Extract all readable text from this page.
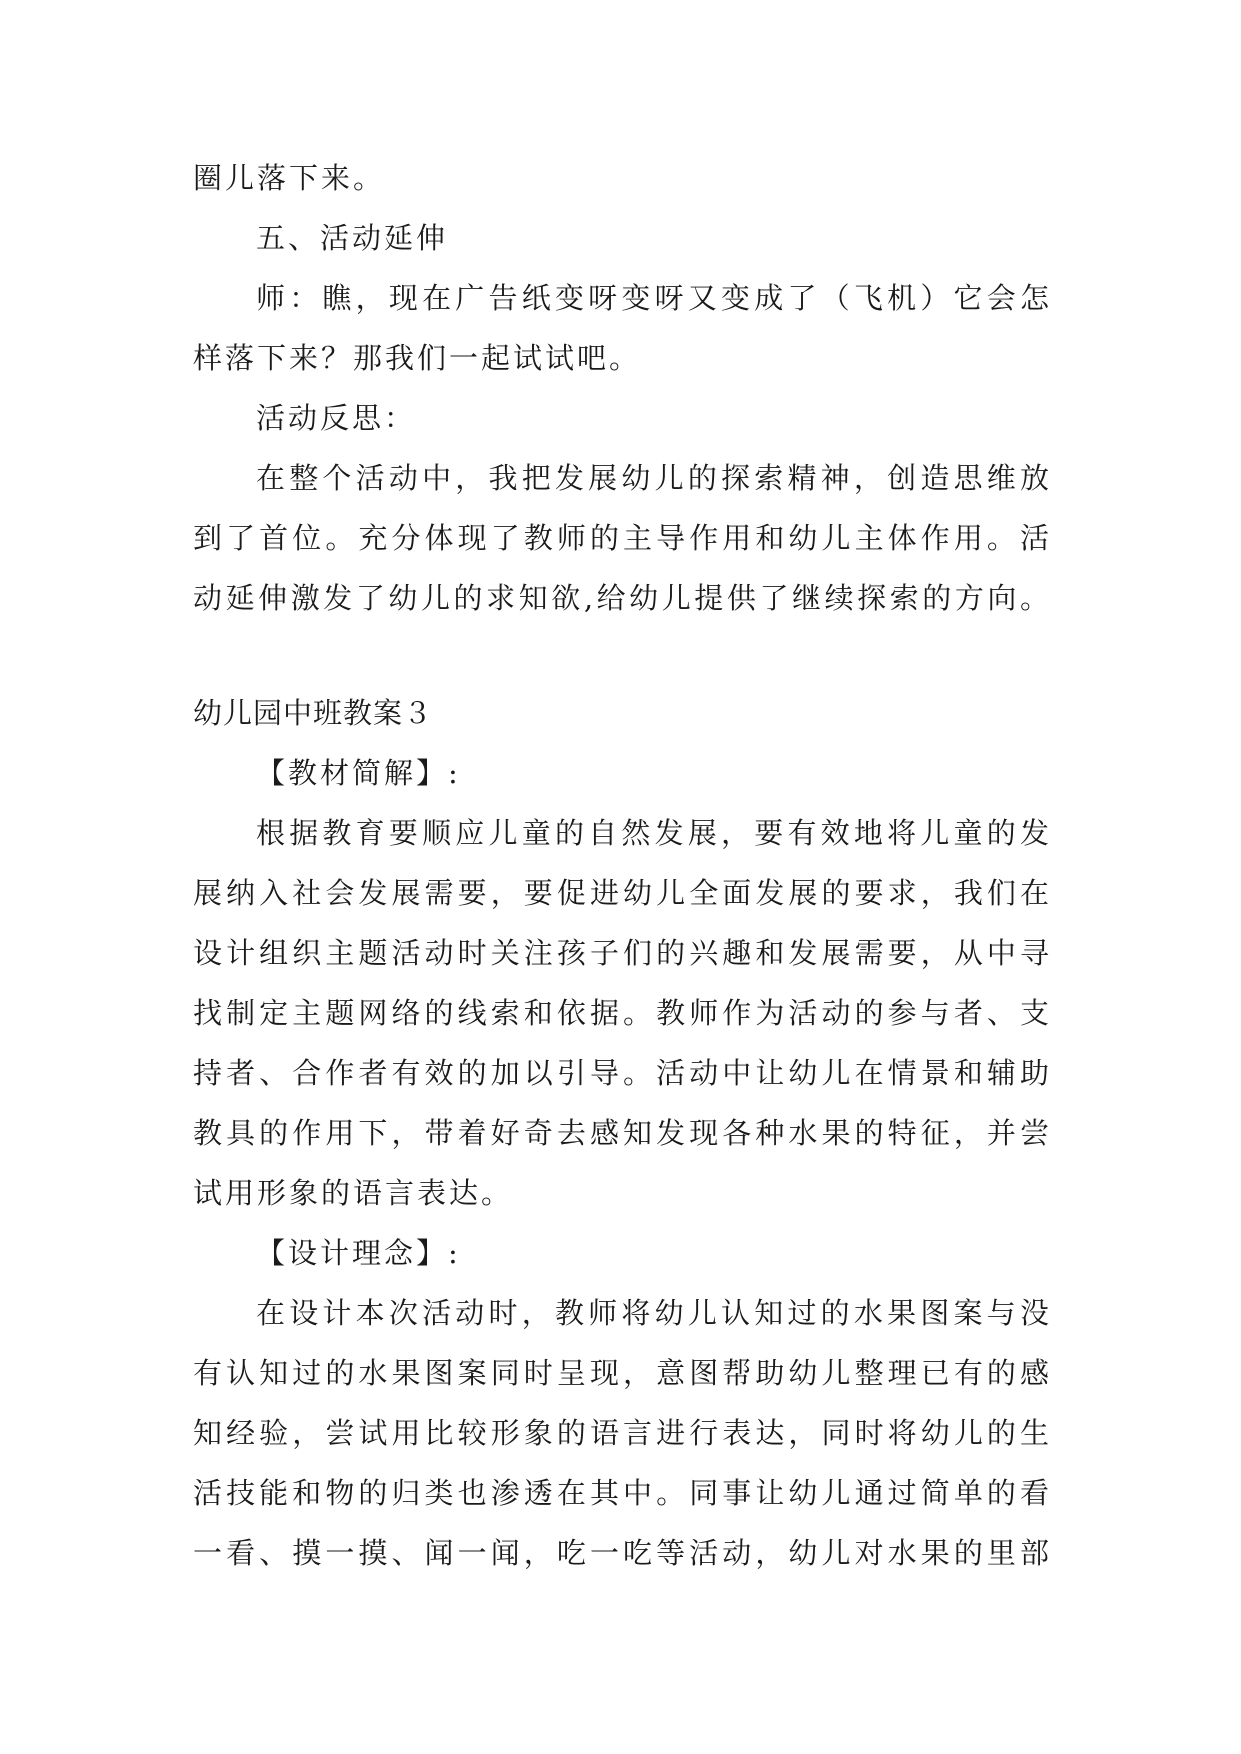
圈儿落下来。
五、活动延伸
师：瞧，现在广告纸变呀变呀又变成了（飞机）它会怎
样落下来？那我们一起试试吧。
活动反思：
在整个活动中，我把发展幼儿的探索精神，创造思维放
到了首位。充分体现了教师的主导作用和幼儿主体作用。活
动延伸激发了幼儿的求知欲,给幼儿提供了继续探索的方向。
幼儿园中班教案３
【教材简解】:
根据教育要顺应儿童的自然发展，要有效地将儿童的发
展纳入社会发展需要，要促进幼儿全面发展的要求，我们在
设计组织主题活动时关注孩子们的兴趣和发展需要，从中寻
找制定主题网络的线索和依据。教师作为活动的参与者、支
持者、合作者有效的加以引导。活动中让幼儿在情景和辅助
教具的作用下，带着好奇去感知发现各种水果的特征，并尝
试用形象的语言表达。
【设计理念】:
在设计本次活动时，教师将幼儿认知过的水果图案与没
有认知过的水果图案同时呈现，意图帮助幼儿整理已有的感
知经验，尝试用比较形象的语言进行表达，同时将幼儿的生
活技能和物的归类也渗透在其中。同事让幼儿通过简单的看
一看、摸一摸、闻一闻，吃一吃等活动，幼儿对水果的里部
